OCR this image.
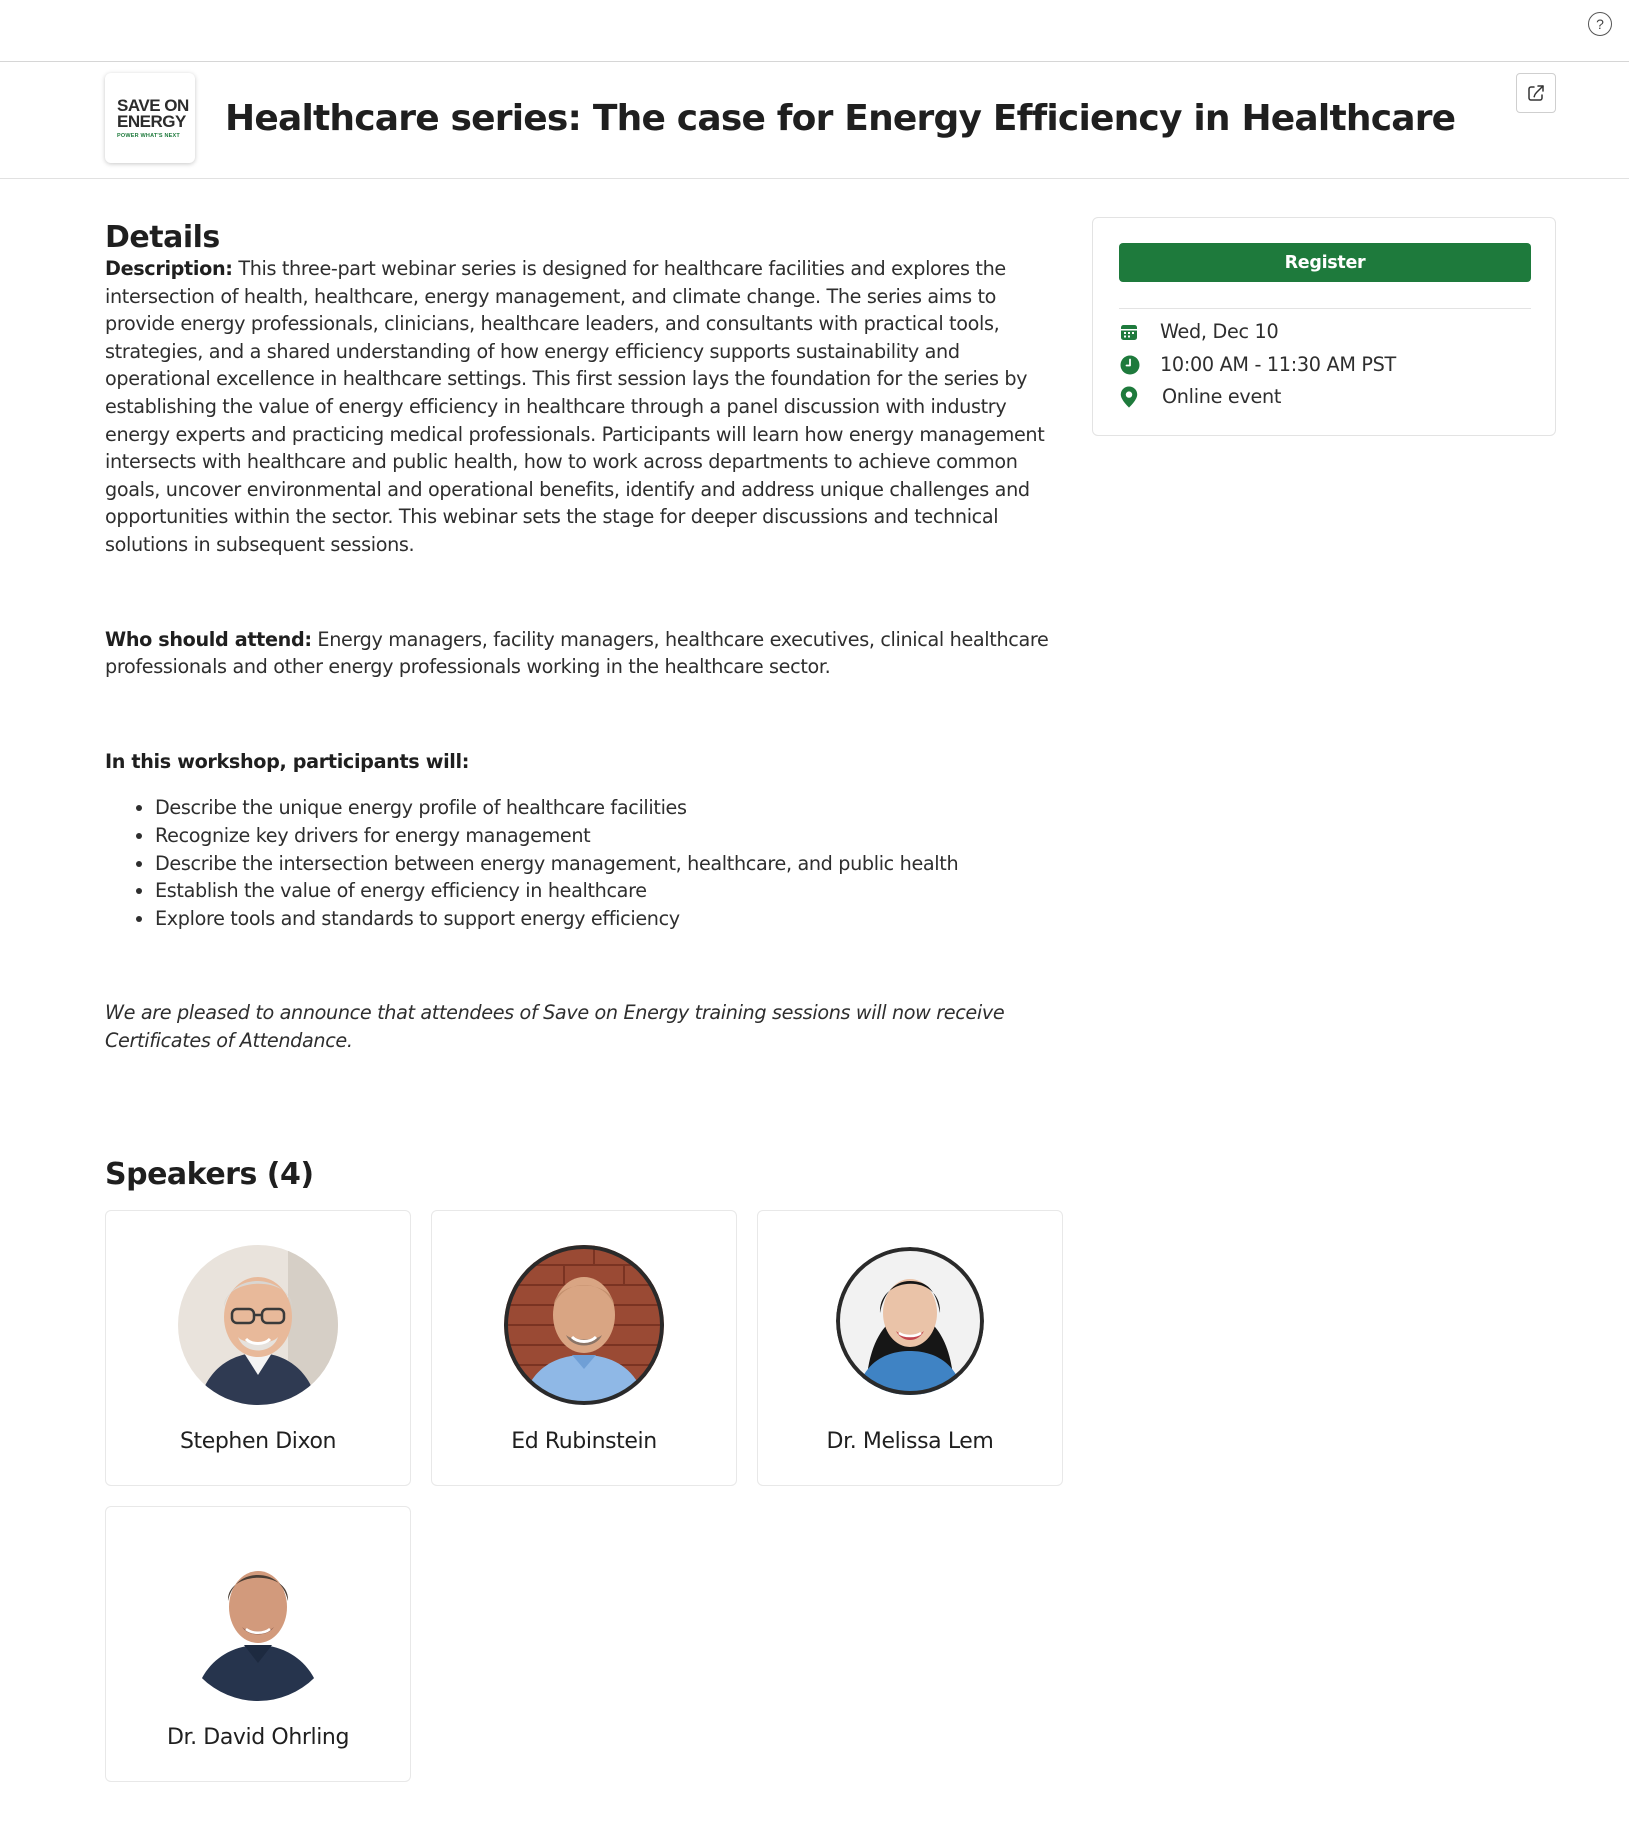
?
SAVE ON
ENERGY
POWER WHAT'S NEXT	Healthcare series: The case for Energy Efficiency in Healthcare
Details

Description: This three-part webinar series is designed for healthcare facilities and explores the intersection of health, healthcare, energy management, and climate change. The series aims to provide energy professionals, clinicians, healthcare leaders, and consultants with practical tools, strategies, and a shared understanding of how energy efficiency supports sustainability and operational excellence in healthcare settings. This first session lays the foundation for the series by establishing the value of energy efficiency in healthcare through a panel discussion with industry energy experts and practicing medical professionals. Participants will learn how energy management intersects with healthcare and public health, how to work across departments to achieve common goals, uncover environmental and operational benefits, identify and address unique challenges and opportunities within the sector. This webinar sets the stage for deeper discussions and technical solutions in subsequent sessions.

Who should attend: Energy managers, facility managers, healthcare executives, clinical healthcare professionals and other energy professionals working in the healthcare sector.

In this workshop, participants will:

• Describe the unique energy profile of healthcare facilities
• Recognize key drivers for energy management
• Describe the intersection between energy management, healthcare, and public health
• Establish the value of energy efficiency in healthcare
• Explore tools and standards to support energy efficiency

We are pleased to announce that attendees of Save on Energy training sessions will now receive Certificates of Attendance.

Speakers (4)
Stephen Dixon	Ed Rubinstein	Dr. Melissa Lem
Dr. David Ohrling
Register
Wed, Dec 10
10:00 AM - 11:30 AM PST
Online event
